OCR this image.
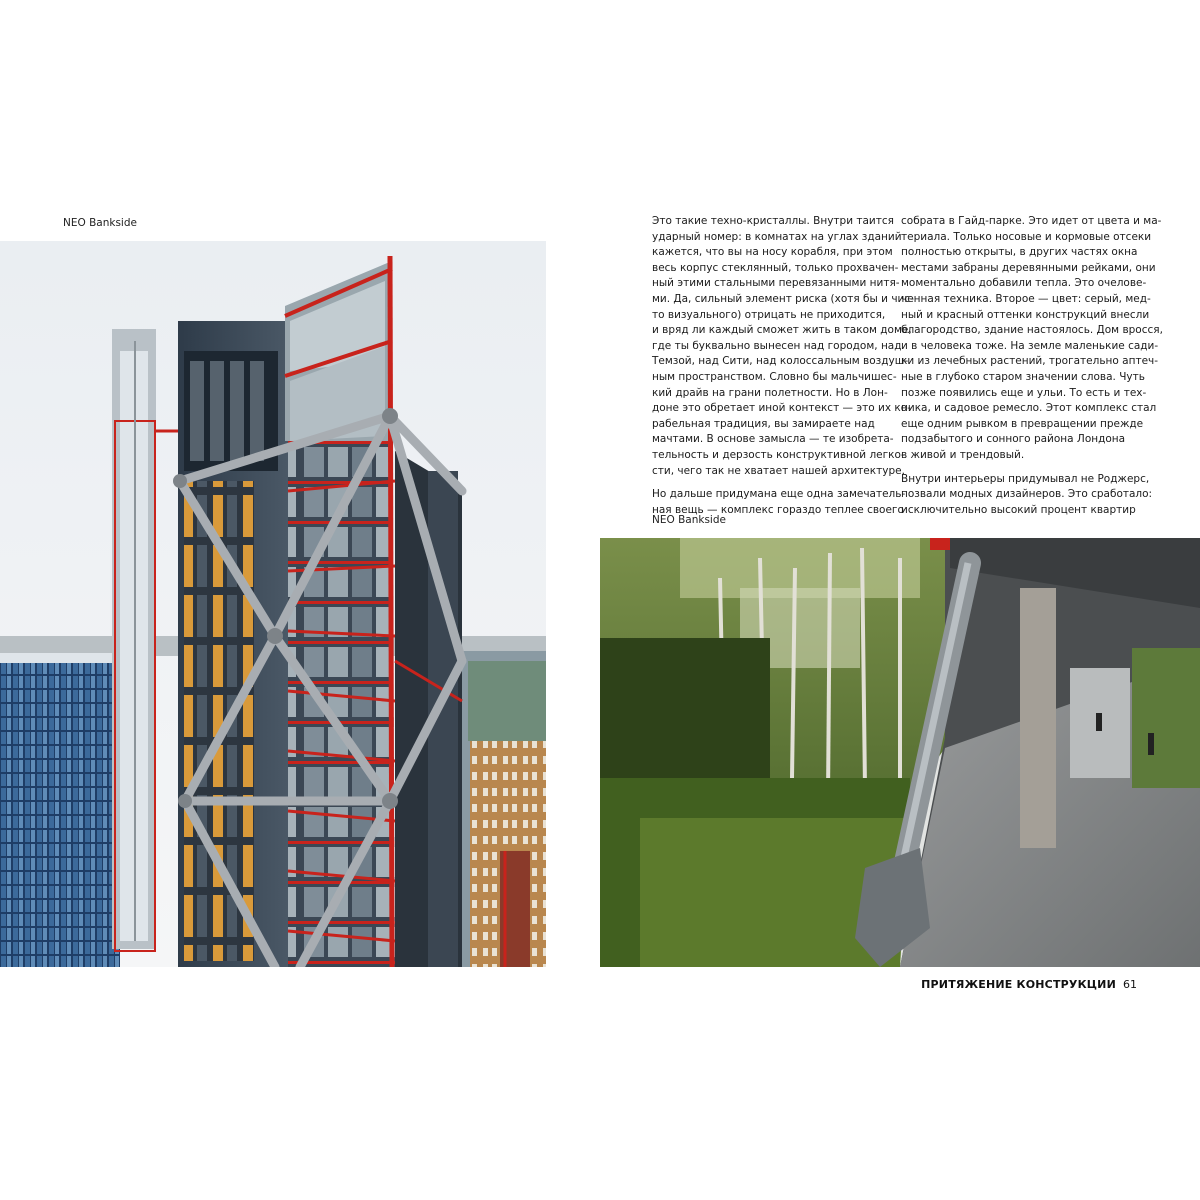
NEO Bankside	Это такие техно-кристаллы. Внутри таится
ударный номер: в комнатах на углах зданий
кажется, что вы на носу корабля, при этом
весь корпус стеклянный, только прохвачен-
ный этими стальными перевязанными нитя-
ми. Да, сильный элемент риска (хотя бы и чис-
то визуального) отрицать не приходится,
и вряд ли каждый сможет жить в таком доме,
где ты буквально вынесен над городом, над
Темзой, над Сити, над колоссальным воздуш-
ным пространством. Словно бы мальчишес-
кий драйв на грани полетности. Но в Лон-
доне это обретает иной контекст — это их ко-
рабельная традиция, вы замираете над
мачтами. В основе замысла — те изобрета-
тельность и дерзость конструктивной легко-
сти, чего так не хватает нашей архитектуре.
Но дальше придумана еще одна замечатель-
ная вещь — комплекс гораздо теплее своего
собрата в Гайд-парке. Это идет от цвета и ма-
териала. Только носовые и кормовые отсеки
полностью открыты, в других частях окна
местами забраны деревянными рейками, они
моментально добавили тепла. Это очелове-
ченная техника. Второе — цвет: серый, мед-
ный и красный оттенки конструкций внесли
благородство, здание настоялось. Дом вросся,
и в человека тоже. На земле маленькие сади-
ки из лечебных растений, трогательно аптеч-
ные в глубоко старом значении слова. Чуть
позже появились еще и ульи. То есть и тех-
ника, и садовое ремесло. Этот комплекс стал
еще одним рывком в превращении прежде
подзабытого и сонного района Лондона
в живой и трендовый.
Внутри интерьеры придумывал не Роджерс,
позвали модных дизайнеров. Это сработало:
исключительно высокий процент квартир
NEO Bankside
ПРИТЯЖЕНИЕ КОНСТРУКЦИИ 61
